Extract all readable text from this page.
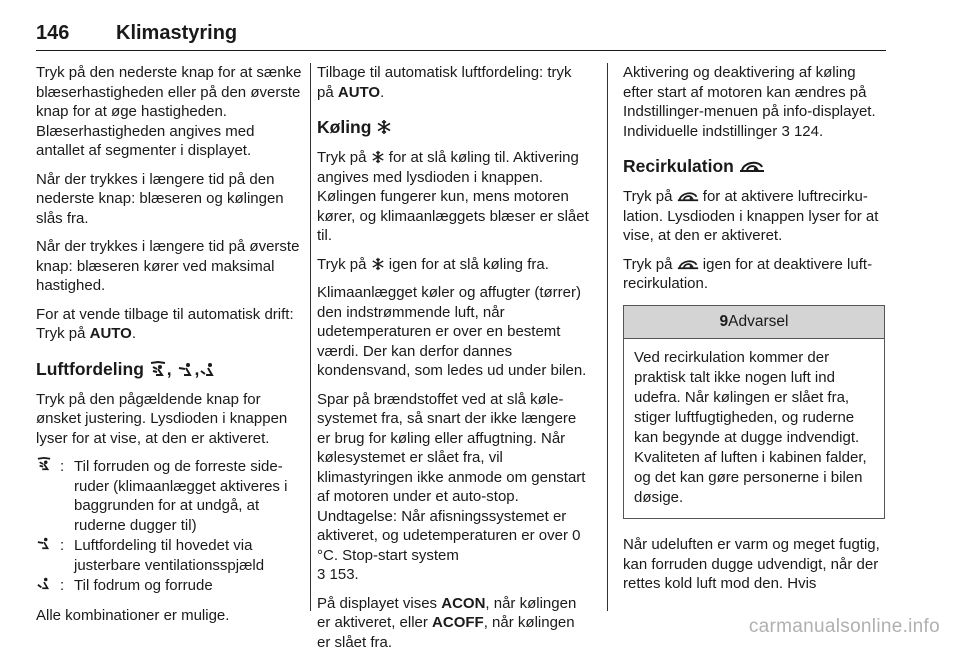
146 Klimastyring

Tryk på den nederste knap for at sænke blæserhastigheden eller på den øverste knap for at øge hastigheden. Blæserhastigheden angives med antallet af segmenter i displayet.

Når der trykkes i længere tid på den nederste knap: blæseren og kølingen slås fra.

Når der trykkes i længere tid på øverste knap: blæseren kører ved maksimal hastighed.

For at vende tilbage til automatisk drift: Tryk på AUTO.

Luftfordeling , ,

Tryk på den pågældende knap for ønsket justering. Lysdioden i knappen lyser for at vise, at den er aktiveret.

: Til forruden og de forreste sideruder (klimaanlægget aktiveres i baggrunden for at undgå, at ruderne dugger til)
: Luftfordeling til hovedet via justerbare ventilationsspjæld
: Til fodrum og forrude

Alle kombinationer er mulige.

Tilbage til automatisk luftfordeling: tryk på AUTO.

Køling

Tryk på  for at slå køling til. Aktivering angives med lysdioden i knappen. Kølingen fungerer kun, mens motoren kører, og klimaanlæggets blæser er slået til.

Tryk på  igen for at slå køling fra.

Klimaanlægget køler og affugter (tørrer) den indstrømmende luft, når udetemperaturen er over en bestemt værdi. Der kan derfor dannes kondensvand, som ledes ud under bilen.

Spar på brændstoffet ved at slå kølesystemet fra, så snart der ikke længere er brug for køling eller affugtning. Når kølesystemet er slået fra, vil klimastyringen ikke anmode om genstart af motoren under et auto-stop. Undtagelse: Når afisningssystemet er aktiveret, og udetemperaturen er over 0 °C. Stop-start system
3 153.

På displayet vises ACON, når kølingen er aktiveret, eller ACOFF, når kølingen er slået fra.

Aktivering og deaktivering af køling efter start af motoren kan ændres på Indstillinger-menuen på info-displayet. Individuelle indstillinger 3 124.

Recirkulation

Tryk på  for at aktivere luftrecirkulation. Lysdioden i knappen lyser for at vise, at den er aktiveret.

Tryk på  igen for at deaktivere luftrecirkulation.

9Advarsel
Ved recirkulation kommer der praktisk talt ikke nogen luft ind udefra. Når kølingen er slået fra, stiger luftfugtigheden, og ruderne kan begynde at dugge indvendigt. Kvaliteten af luften i kabinen falder, og det kan gøre personerne i bilen døsige.

Når udeluften er varm og meget fugtig, kan forruden dugge udvendigt, når der rettes kold luft mod den. Hvis

carmanualsonline.info
